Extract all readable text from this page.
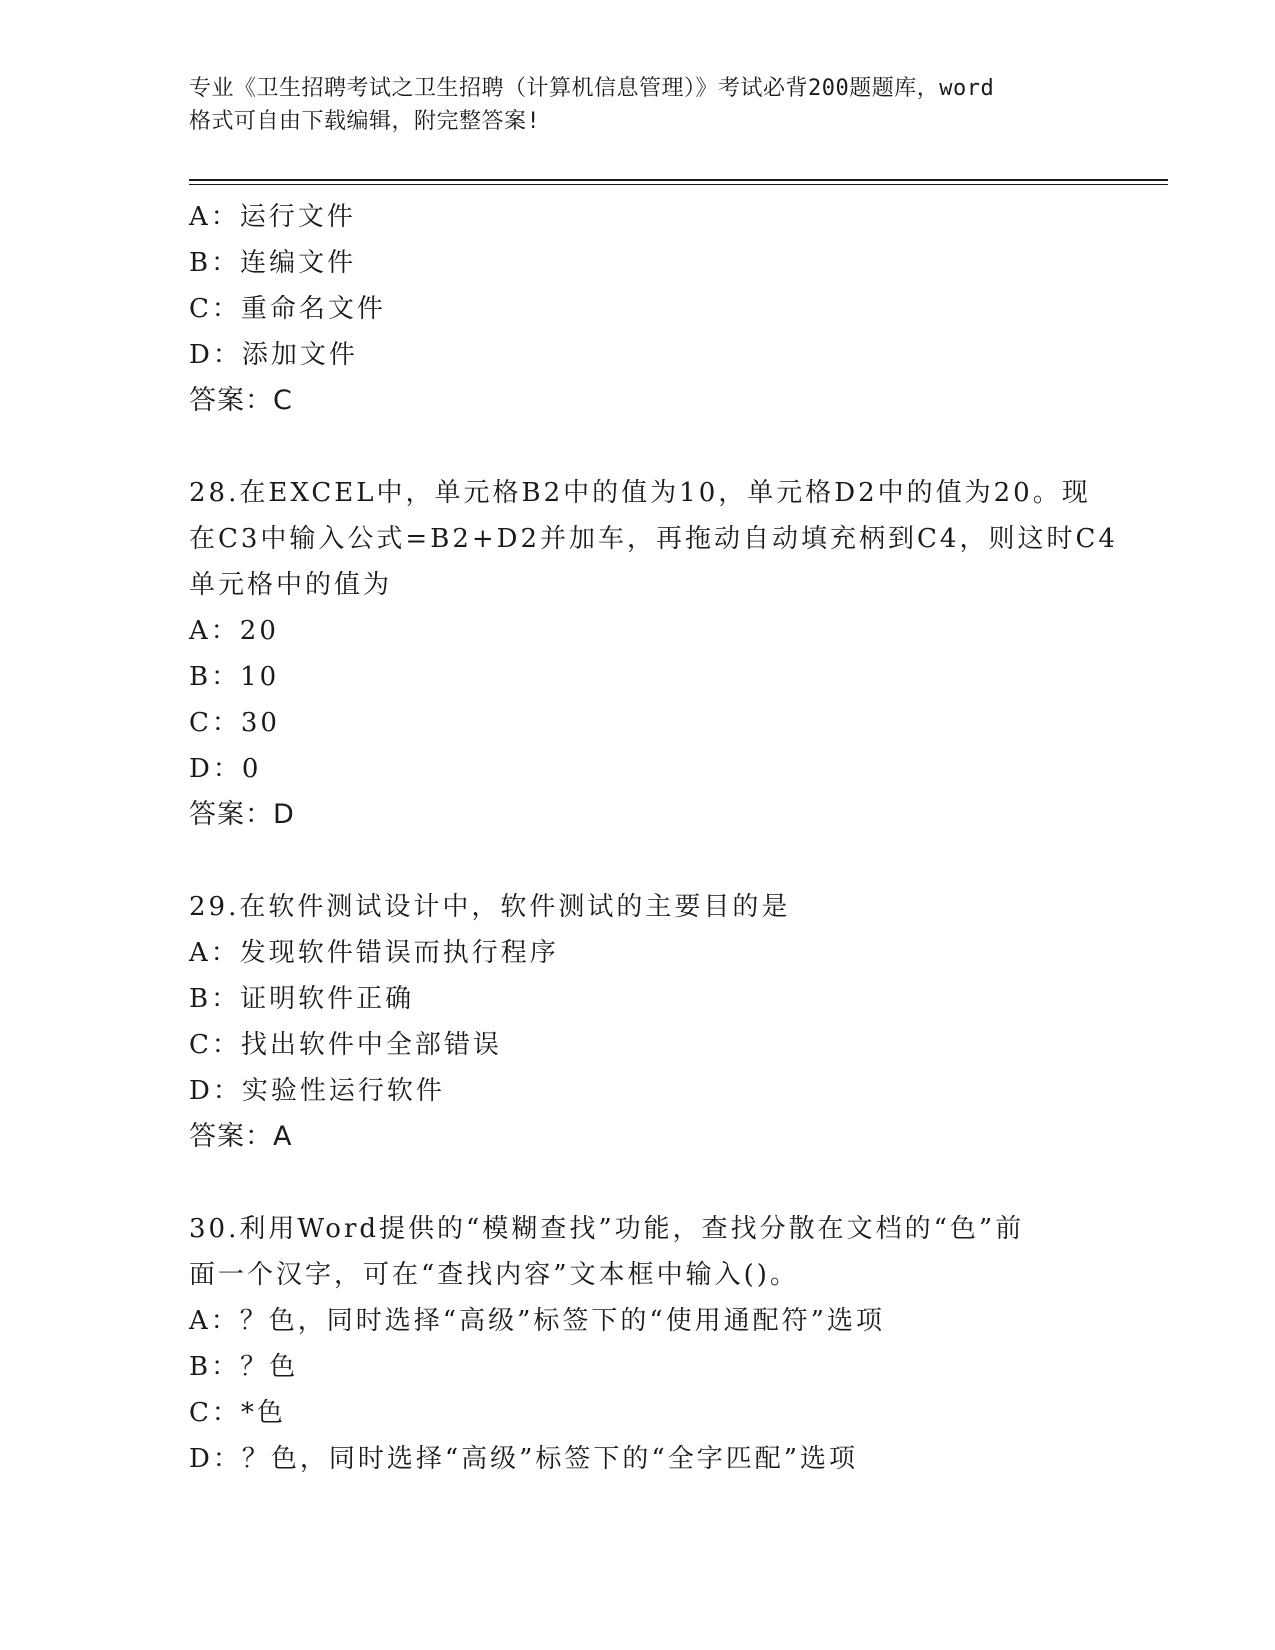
专业《卫生招聘考试之卫生招聘（计算机信息管理）》考试必背200题题库，word
格式可自由下载编辑，附完整答案!
A：运行文件
B：连编文件
C：重命名文件
D：添加文件
答案：C
28.在EXCEL中，单元格B2中的值为10，单元格D2中的值为20。现
在C3中输入公式=B2+D2并加车，再拖动自动填充柄到C4，则这时C4
单元格中的值为
A：20
B：10
C：30
D：0
答案：D
29.在软件测试设计中，软件测试的主要目的是
A：发现软件错误而执行程序
B：证明软件正确
C：找出软件中全部错误
D：实验性运行软件
答案：A
30.利用Word提供的“模糊查找”功能，查找分散在文档的“色”前
面一个汉字，可在“查找内容”文本框中输入()。
A：？色，同时选择“高级”标签下的“使用通配符”选项
B：？色
C：*色
D：？色，同时选择“高级”标签下的“全字匹配”选项
